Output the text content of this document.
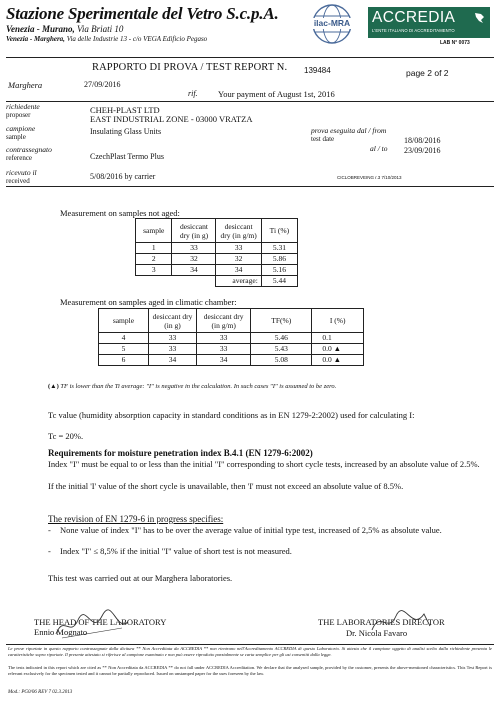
Stazione Sperimentale del Vetro S.c.p.A.
Venezia - Murano, Via Briati 10
Venezia - Marghera, Via delle Industrie 13 - c/o VEGA Edificio Pegaso
ilac-MRA	ACCREDIA
L'ENTE ITALIANO DI ACCREDITAMENTO
LAB N° 0073
RAPPORTO DI PROVA / TEST REPORT N. 139484	page 2 of 2
Marghera	27/09/2016
rif. Your payment of August 1st, 2016
richiedente
proposer	CHEH-PLAST LTD
EAST INDUSTRIAL ZONE - 03000 VRATZA
campione
sample
Insulating Glass Units	prova eseguita dal / from
test date
al / to
18/08/2016
23/09/2016
contrassegnato
reference	CzechPlast Termo Plus
ricevuto il
received	5/08/2016 by carrier	CICLOBREVEING r.3 7/10/2013
Measurement on samples not aged:
sample	desiccant dry (in g)	desiccant dry (in g/m)	Ti (%)
1	33	33	5.31
2	32	32	5.86
3	34	34	5.16
		average:	5.44
Measurement on samples aged in climatic chamber:
sample	desiccant dry (in g)	desiccant dry (in g/m)	TF(%)	I (%)
4	33	33	5.46	0.1
5	33	33	5.43	0.0 ▲
6	34	34	5.08	0.0 ▲
(▲) TF is lower than the Ti average: "I" is negative in the calculation. In such cases "I" is assumed to be zero.
Tc value (humidity absorption capacity in standard conditions as in EN 1279-2:2002) used for calculating I:
Tc = 20%.
Requirements for moisture penetration index B.4.1 (EN 1279-6:2002)
Index "I" must be equal to or less than the initial "I" corresponding to short cycle tests, increased by an absolute value of 2.5%.
If the initial 'I' value of the short cycle is unavailable, then 'I' must not exceed an absolute value of 8.5%.
The revision of EN 1279-6 in progress specifies:
- None value of index "I" has to be over the average value of initial type test, increased of 2,5% as absolute value.
- Index "I" ≤ 8,5% if the initial "I" value of short test is not measured.
This test was carried out at our Marghera laboratories.
THE HEAD OF THE LABORATORY
Ennio Mognato
THE LABORATORIES DIRECTOR
Dr. Nicola Favaro
Le prove riportate in questo rapporto contrassegnate dalla dicitura ** Non Accreditata da ACCREDIA ** non rientrano nell'Accreditamento ACCREDIA di questo Laboratorio. Si attesta che il campione oggetto di analisi scelto dalla richiedente presenta le caratteristiche sopra riportate. Il presente attestato si riferisce al campione esaminato e non può essere riprodotto parzialmente se carta semplice per gli usi consentiti dalla legge.
The tests indicated in this report which are cited as ** Non Accreditata da ACCREDIA ** do not fall under ACCREDIA Accreditation. We declare that the analysed sample, provided by the customer, presents the above-mentioned characteristics. This Test Report is relevant exclusively for the specimen tested and it cannot be partially reproduced. Issued on unstamped paper for the uses foreseen by the law.
Mod.: PG0/06 REV 7 02.3.2013
